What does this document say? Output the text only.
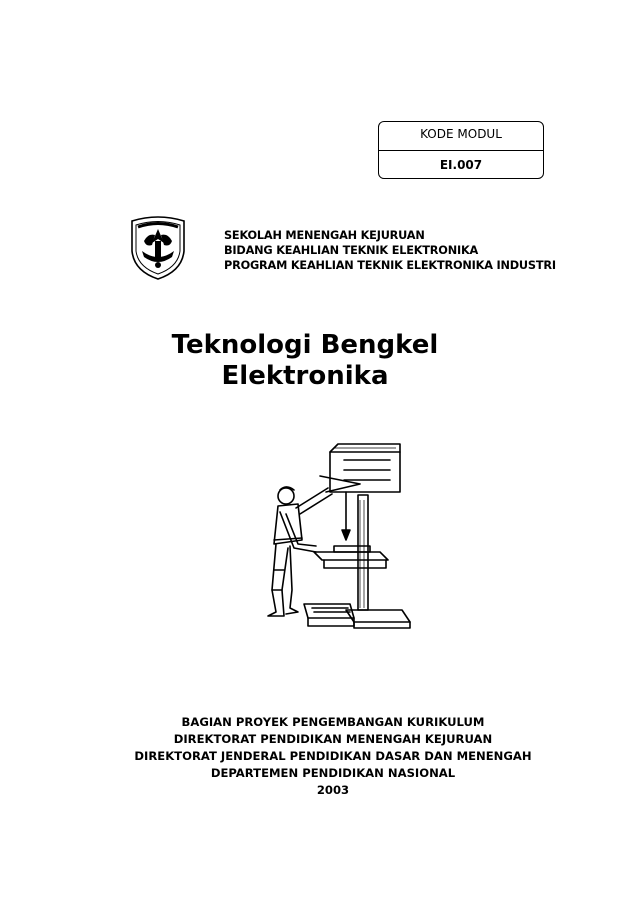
KODE MODUL
EI.007
SEKOLAH MENENGAH KEJURUAN
BIDANG KEAHLIAN TEKNIK ELEKTRONIKA
PROGRAM KEAHLIAN TEKNIK ELEKTRONIKA INDUSTRI
Teknologi Bengkel
Elektronika
BAGIAN PROYEK PENGEMBANGAN KURIKULUM
DIREKTORAT PENDIDIKAN MENENGAH KEJURUAN
DIREKTORAT JENDERAL PENDIDIKAN DASAR DAN MENENGAH
DEPARTEMEN PENDIDIKAN NASIONAL
2003
